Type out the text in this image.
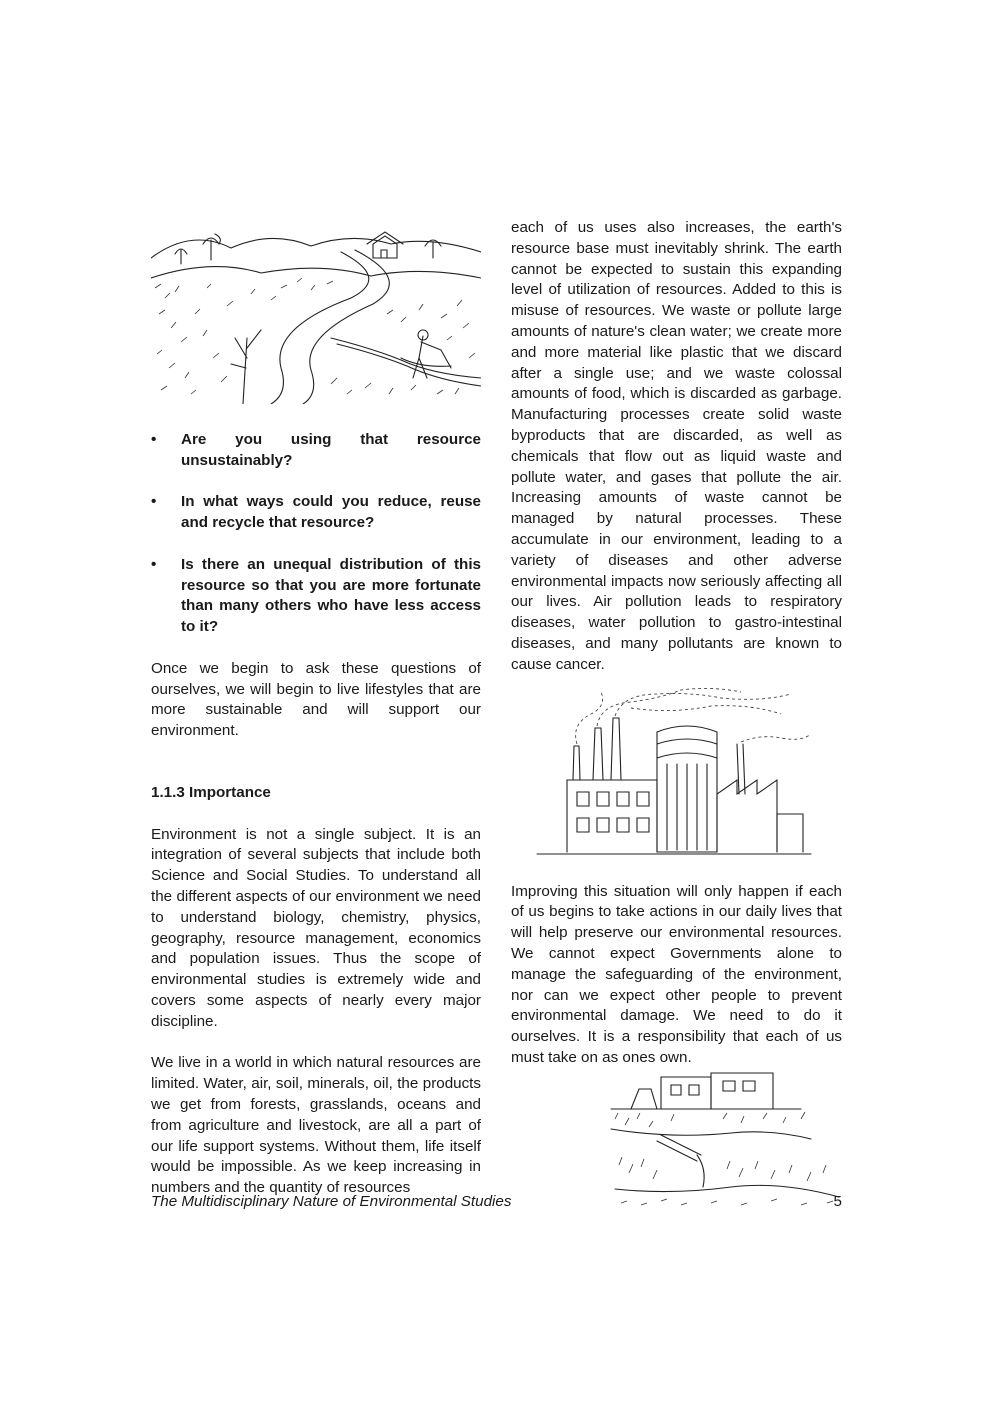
• Are you using that resource unsustainably?
• In what ways could you reduce, reuse and recycle that resource?
• Is there an unequal distribution of this resource so that you are more fortunate than many others who have less access to it?

Once we begin to ask these questions of ourselves, we will begin to live lifestyles that are more sustainable and will support our environment.

1.1.3 Importance

Environment is not a single subject. It is an integration of several subjects that include both Science and Social Studies. To understand all the different aspects of our environment we need to understand biology, chemistry, physics, geography, resource management, economics and population issues. Thus the scope of environmental studies is extremely wide and covers some aspects of nearly every major discipline.

We live in a world in which natural resources are limited. Water, air, soil, minerals, oil, the products we get from forests, grasslands, oceans and from agriculture and livestock, are all a part of our life support systems. Without them, life itself would be impossible. As we keep increasing in numbers and the quantity of resources

each of us uses also increases, the earth's resource base must inevitably shrink. The earth cannot be expected to sustain this expanding level of utilization of resources. Added to this is misuse of resources. We waste or pollute large amounts of nature's clean water; we create more and more material like plastic that we discard after a single use; and we waste colossal amounts of food, which is discarded as garbage. Manufacturing processes create solid waste byproducts that are discarded, as well as chemicals that flow out as liquid waste and pollute water, and gases that pollute the air. Increasing amounts of waste cannot be managed by natural processes. These accumulate in our environment, leading to a variety of diseases and other adverse environmental impacts now seriously affecting all our lives. Air pollution leads to respiratory diseases, water pollution to gastro-intestinal diseases, and many pollutants are known to cause cancer.

Improving this situation will only happen if each of us begins to take actions in our daily lives that will help preserve our environmental resources. We cannot expect Governments alone to manage the safeguarding of the environment, nor can we expect other people to prevent environmental damage. We need to do it ourselves. It is a responsibility that each of us must take on as ones own.

The Multidisciplinary Nature of Environmental Studies	5
